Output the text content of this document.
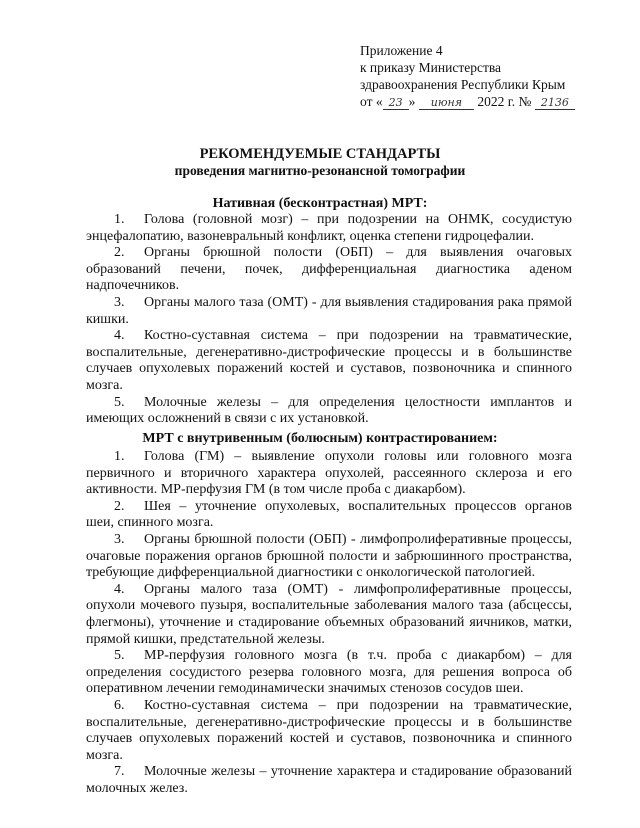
Приложение 4
к приказу Министерства
здравоохранения Республики Крым
от « 23 » июня 2022 г. № 2136
РЕКОМЕНДУЕМЫЕ СТАНДАРТЫ
проведения магнитно-резонансной томографии
Нативная (бесконтрастная) МРТ:

1. Голова (головной мозг) – при подозрении на ОНМК, сосудистую энцефалопатию, вазоневральный конфликт, оценка степени гидроцефалии.

2. Органы брюшной полости (ОБП) – для выявления очаговых образований печени, почек, дифференциальная диагностика аденом надпочечников.

3. Органы малого таза (ОМТ) - для выявления стадирования рака прямой кишки.

4. Костно-суставная система – при подозрении на травматические, воспалительные, дегенеративно-дистрофические процессы и в большинстве случаев опухолевых поражений костей и суставов, позвоночника и спинного мозга.

5. Молочные железы – для определения целостности имплантов и имеющих осложнений в связи с их установкой.

МРТ с внутривенным (болюсным) контрастированием:

1. Голова (ГМ) – выявление опухоли головы или головного мозга первичного и вторичного характера опухолей, рассеянного склероза и его активности. МР-перфузия ГМ (в том числе проба с диакарбом).

2. Шея – уточнение опухолевых, воспалительных процессов органов шеи, спинного мозга.

3. Органы брюшной полости (ОБП) - лимфопролиферативные процессы, очаговые поражения органов брюшной полости и забрюшинного пространства, требующие дифференциальной диагностики с онкологической патологией.

4. Органы малого таза (ОМТ) - лимфопролиферативные процессы, опухоли мочевого пузыря, воспалительные заболевания малого таза (абсцессы, флегмоны), уточнение и стадирование объемных образований яичников, матки, прямой кишки, предстательной железы.

5. МР-перфузия головного мозга (в т.ч. проба с диакарбом) – для определения сосудистого резерва головного мозга, для решения вопроса об оперативном лечении гемодинамически значимых стенозов сосудов шеи.

6. Костно-суставная система – при подозрении на травматические, воспалительные, дегенеративно-дистрофические процессы и в большинстве случаев опухолевых поражений костей и суставов, позвоночника и спинного мозга.

7. Молочные железы – уточнение характера и стадирование образований молочных желез.
